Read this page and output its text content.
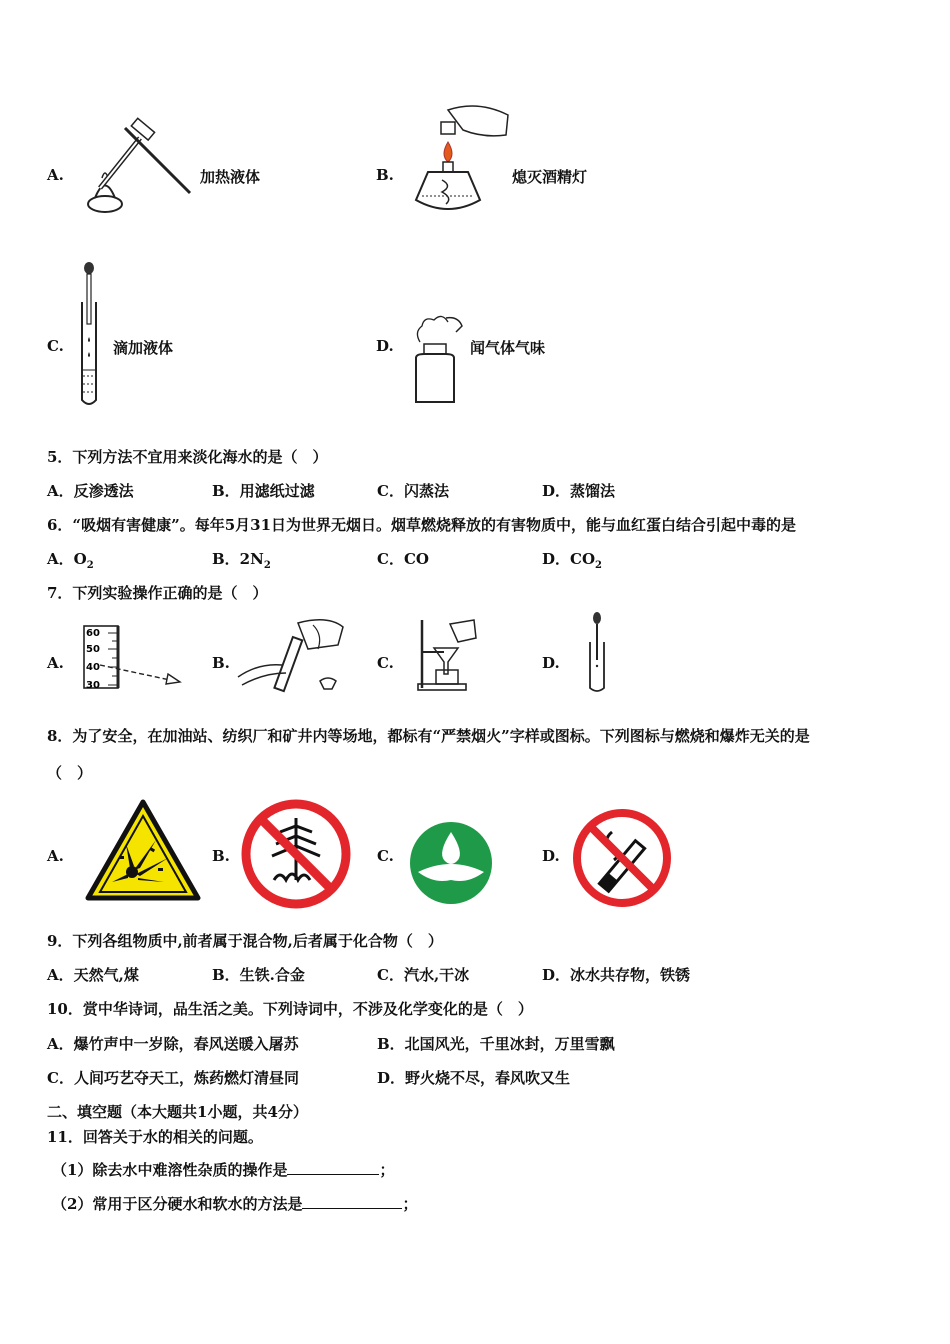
A.	加热液体	B.	熄灭酒精灯
C.	滴加液体	D.	闻气体气味
5．下列方法不宜用来淡化海水的是（　）
A．反渗透法	B．用滤纸过滤	C．闪蒸法	D．蒸馏法
6．“吸烟有害健康”。每年5月31日为世界无烟日。烟草燃烧释放的有害物质中，能与血红蛋白结合引起中毒的是
A．$O_2$	B．$2N_2$	C．CO	D．$CO_2$
7．下列实验操作正确的是（　）
A.
60
50
40
30
B.	C.	D.
8．为了安全，在加油站、纺织厂和矿井内等场地，都标有“严禁烟火”字样或图标。下列图标与燃烧和爆炸无关的是
（　）
A.	B.	C.	D.
9．下列各组物质中,前者属于混合物,后者属于化合物（　）
A．天然气,煤	B．生铁.合金	C．汽水,干冰	D．冰水共存物，铁锈
10．赏中华诗词，品生活之美。下列诗词中，不涉及化学变化的是（　）
A．爆竹声中一岁除，春风送暖入屠苏	B．北国风光，千里冰封，万里雪飘
C．人间巧艺夺天工，炼药燃灯清昼同	D．野火烧不尽，春风吹又生
二、填空题（本大题共1小题，共4分）
11．回答关于水的相关的问题。
（1）除去水中难溶性杂质的操作是	；
（2）常用于区分硬水和软水的方法是	；
